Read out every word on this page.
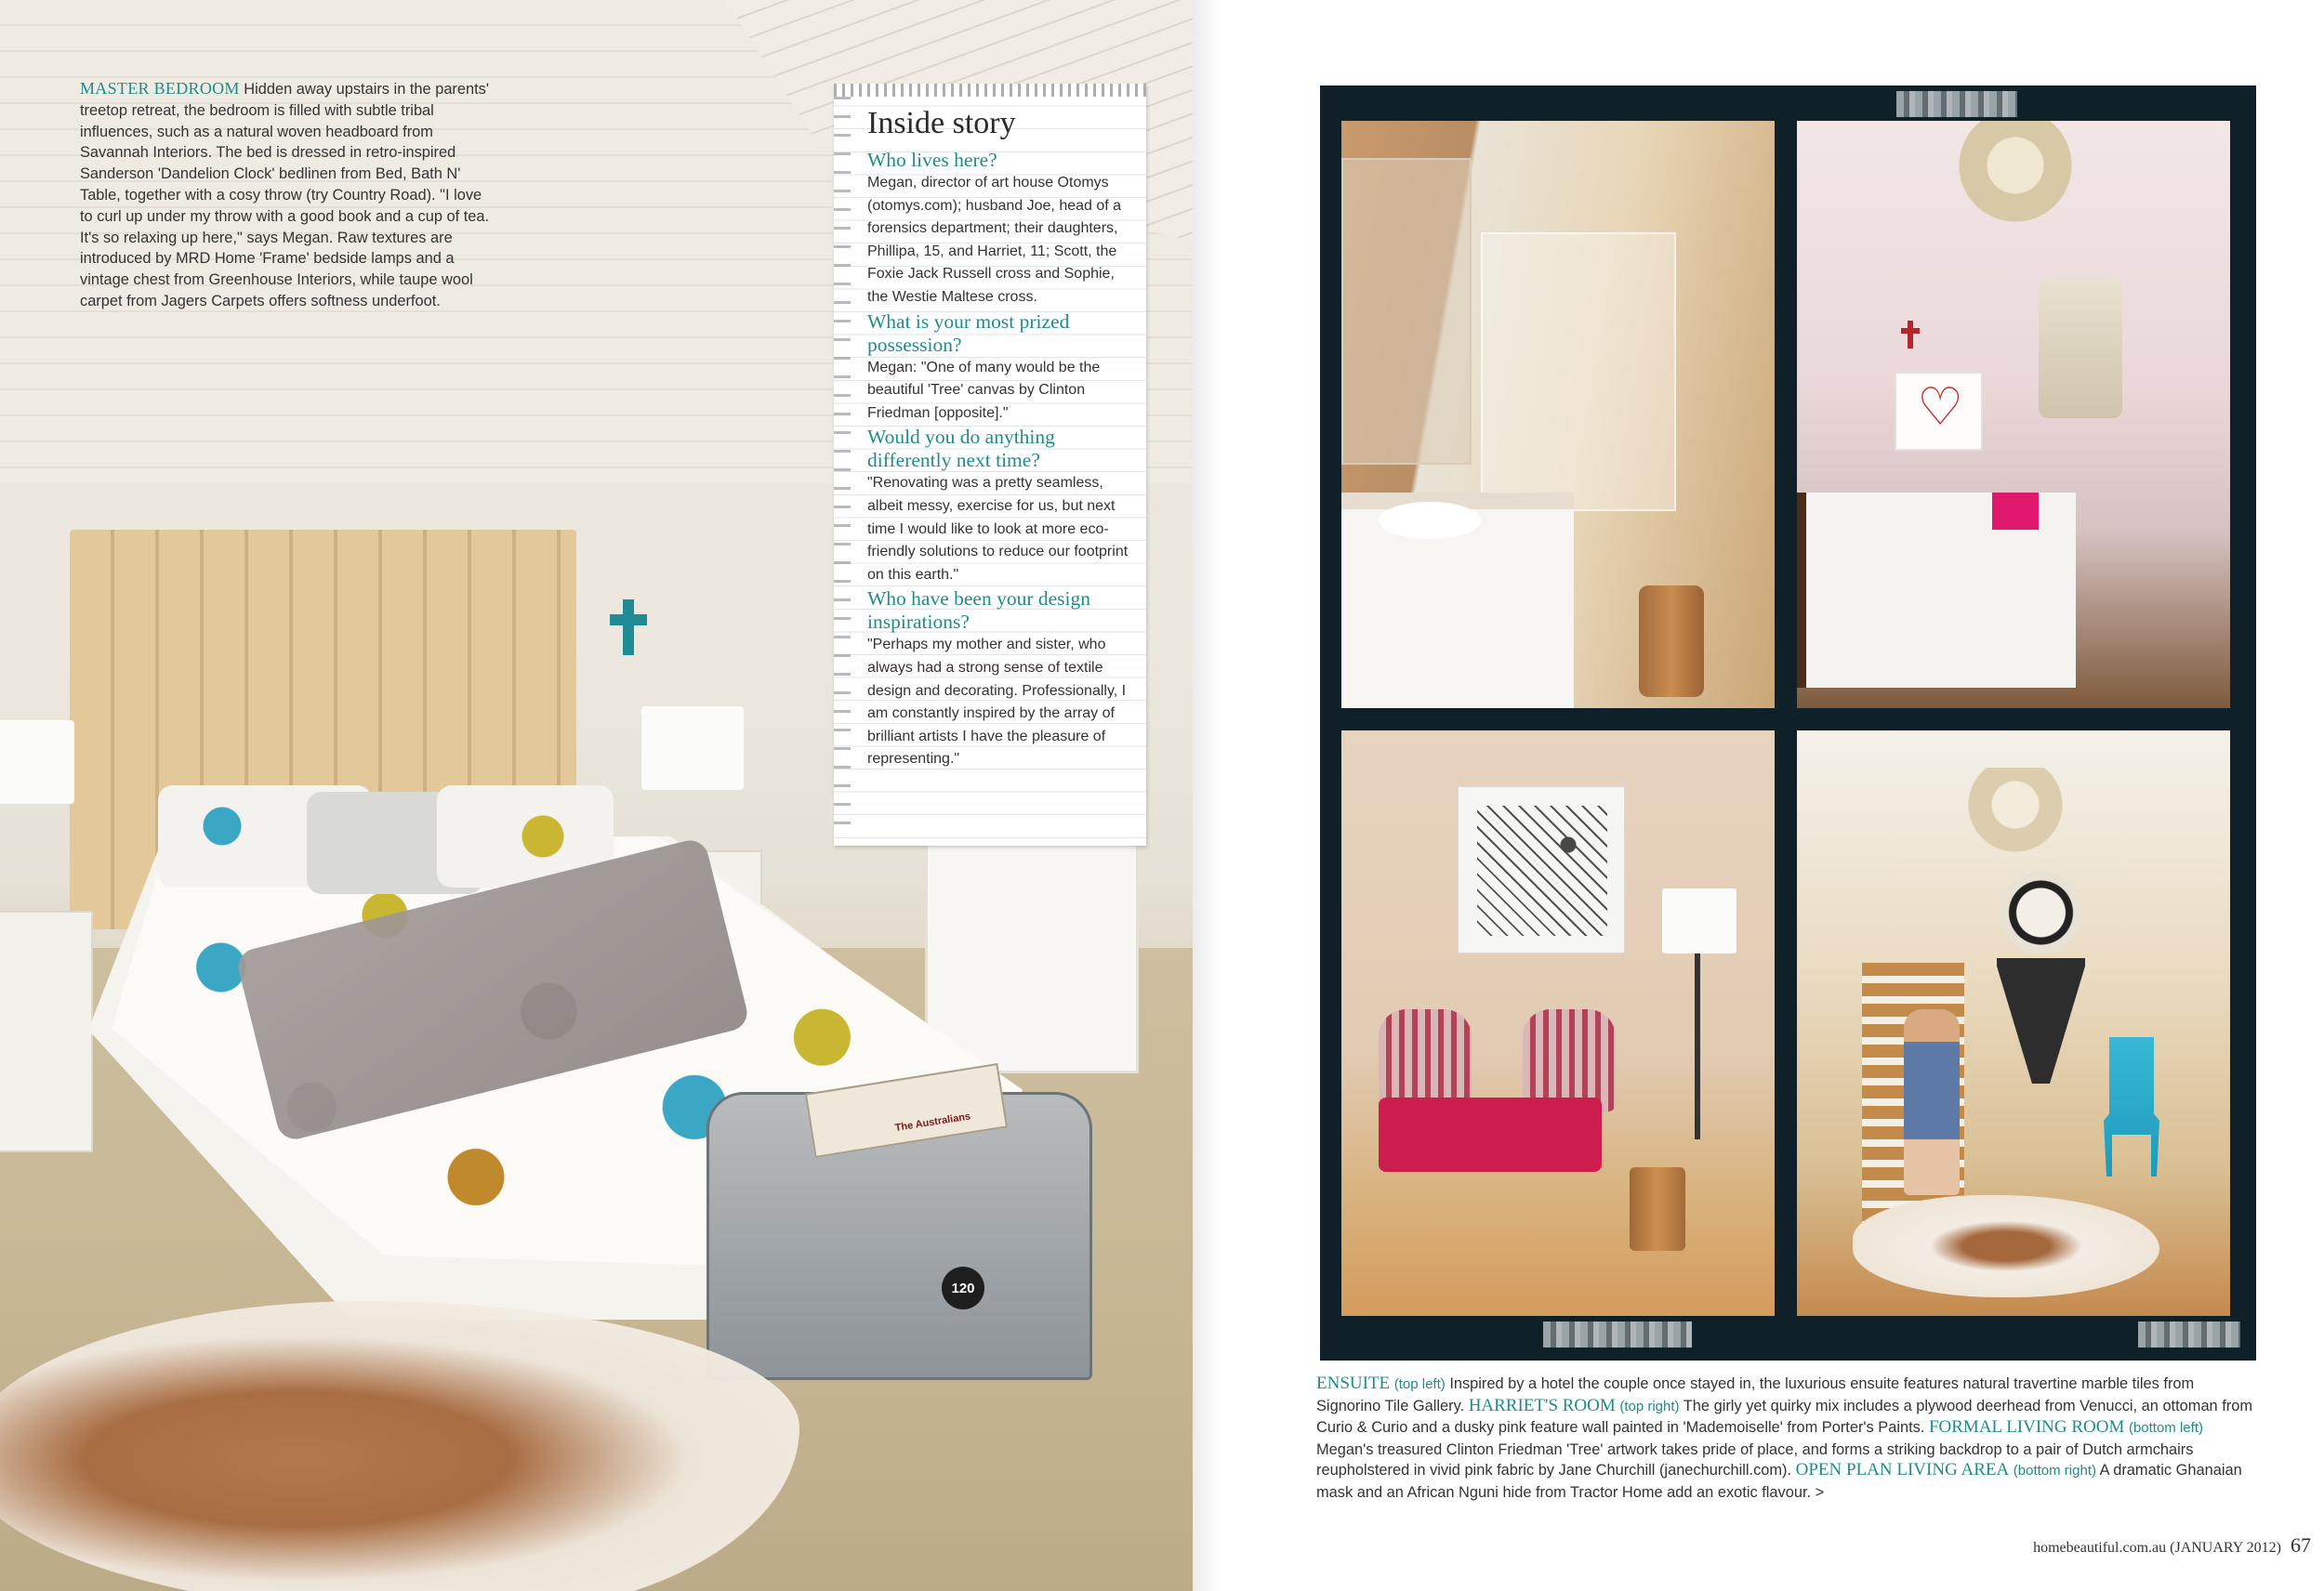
120
The Australians

MASTER BEDROOM Hidden away upstairs in the parents' treetop retreat, the bedroom is filled with subtle tribal influences, such as a natural woven headboard from Savannah Interiors. The bed is dressed in retro-inspired Sanderson 'Dandelion Clock' bedlinen from Bed, Bath N' Table, together with a cosy throw (try Country Road). "I love to curl up under my throw with a good book and a cup of tea. It's so relaxing up here," says Megan. Raw textures are introduced by MRD Home 'Frame' bedside lamps and a vintage chest from Greenhouse Interiors, while taupe wool carpet from Jagers Carpets offers softness underfoot.

Inside story
Who lives here?
Megan, director of art house Otomys (otomys.com); husband Joe, head of a forensics department; their daughters, Phillipa, 15, and Harriet, 11; Scott, the Foxie Jack Russell cross and Sophie, the Westie Maltese cross.
What is your most prized possession?
Megan: "One of many would be the beautiful 'Tree' canvas by Clinton Friedman [opposite]."
Would you do anything differently next time?
"Renovating was a pretty seamless, albeit messy, exercise for us, but next time I would like to look at more eco-friendly solutions to reduce our footprint on this earth."
Who have been your design inspirations?
"Perhaps my mother and sister, who always had a strong sense of textile design and decorating. Professionally, I am constantly inspired by the array of brilliant artists I have the pleasure of representing."
♡

ENSUITE (top left) Inspired by a hotel the couple once stayed in, the luxurious ensuite features natural travertine marble tiles from Signorino Tile Gallery. HARRIET'S ROOM (top right) The girly yet quirky mix includes a plywood deerhead from Venucci, an ottoman from Curio & Curio and a dusky pink feature wall painted in 'Mademoiselle' from Porter's Paints. FORMAL LIVING ROOM (bottom left) Megan's treasured Clinton Friedman 'Tree' artwork takes pride of place, and forms a striking backdrop to a pair of Dutch armchairs reupholstered in vivid pink fabric by Jane Churchill (janechurchill.com). OPEN PLAN LIVING AREA (bottom right) A dramatic Ghanaian mask and an African Nguni hide from Tractor Home add an exotic flavour. >

homebeautiful.com.au (JANUARY 2012) 67
